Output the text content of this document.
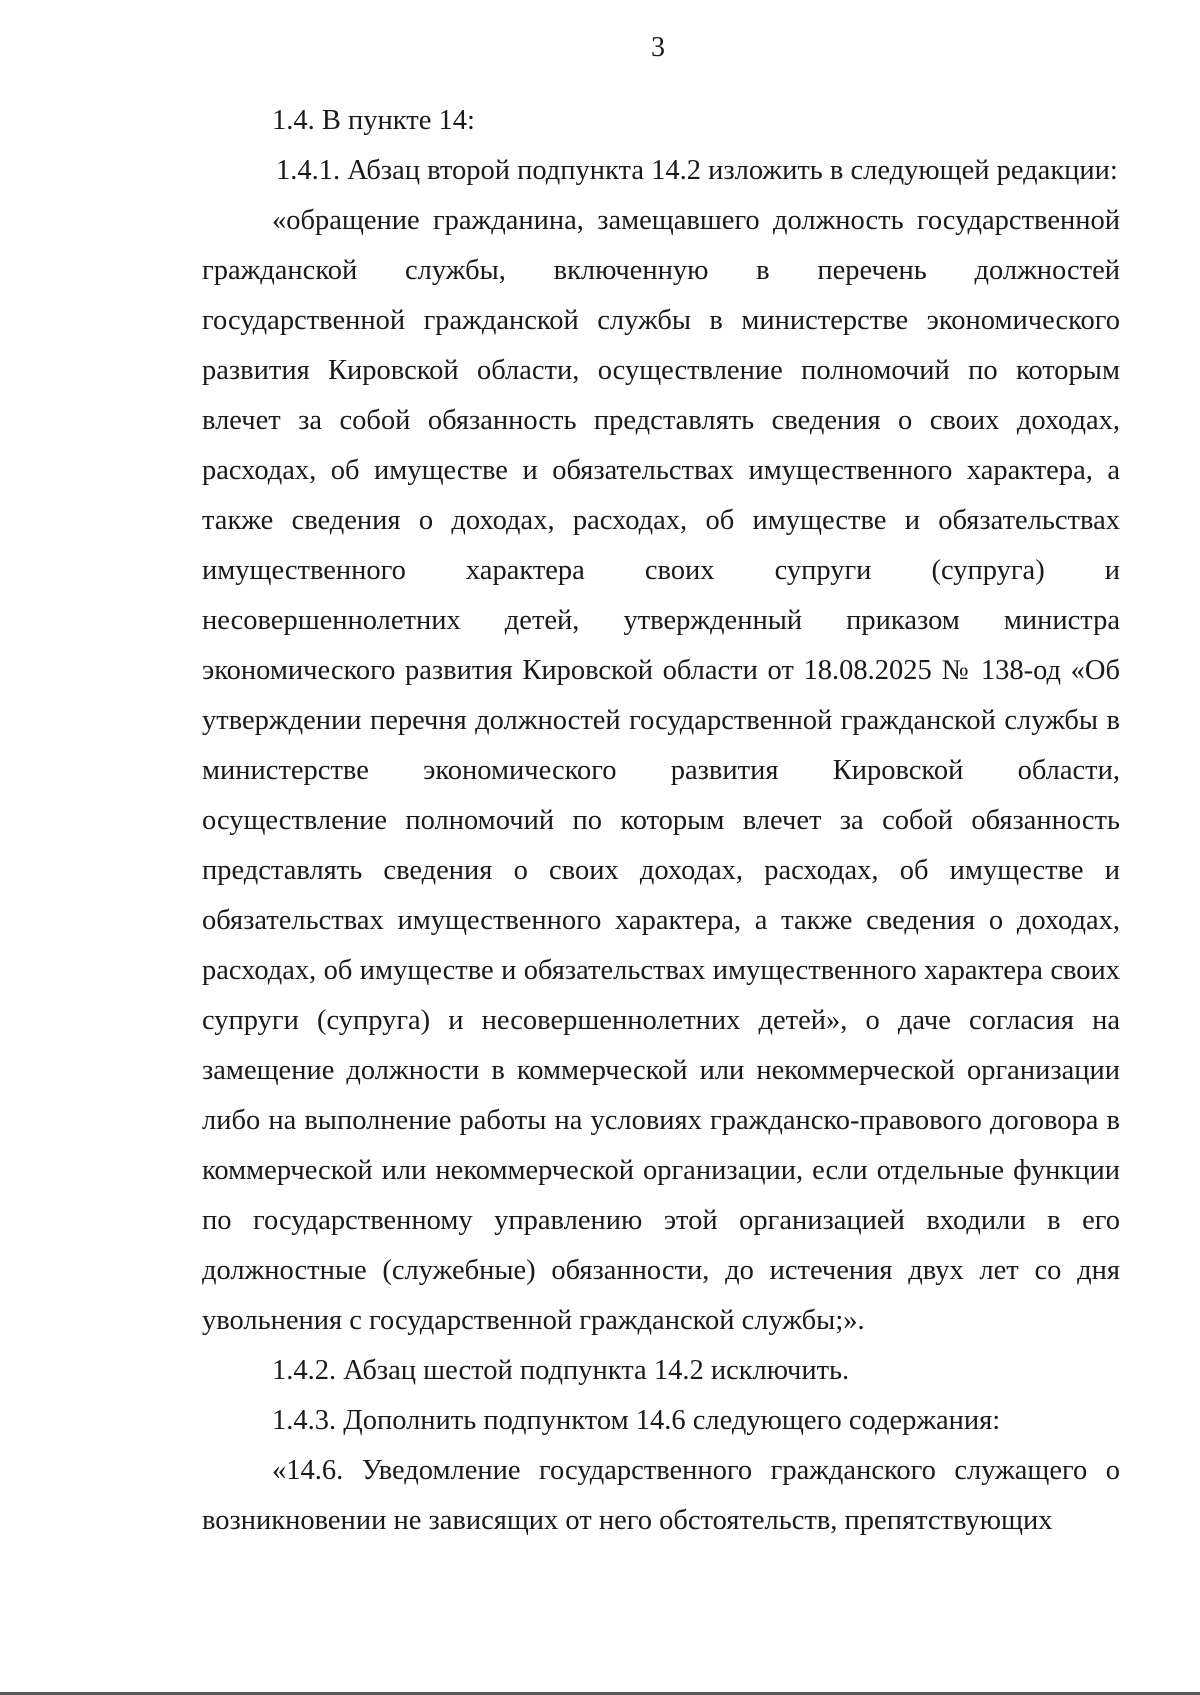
3

1.4. В пункте 14:

1.4.1. Абзац второй подпункта 14.2 изложить в следующей редакции:

«обращение гражданина, замещавшего должность государственной гражданской службы, включенную в перечень должностей государственной гражданской службы в министерстве экономического развития Кировской области, осуществление полномочий по которым влечет за собой обязанность представлять сведения о своих доходах, расходах, об имуществе и обязательствах имущественного характера, а также сведения о доходах, расходах, об имуществе и обязательствах имущественного характера своих супруги (супруга) и несовершеннолетних детей, утвержденный приказом министра экономического развития Кировской области от 18.08.2025 № 138-од «Об утверждении перечня должностей государственной гражданской службы в министерстве экономического развития Кировской области, осуществление полномочий по которым влечет за собой обязанность представлять сведения о своих доходах, расходах, об имуществе и обязательствах имущественного характера, а также сведения о доходах, расходах, об имуществе и обязательствах имущественного характера своих супруги (супруга) и несовершеннолетних детей», о даче согласия на замещение должности в коммерческой или некоммерческой организации либо на выполнение работы на условиях гражданско-правового договора в коммерческой или некоммерческой организации, если отдельные функции по государственному управлению этой организацией входили в его должностные (служебные) обязанности, до истечения двух лет со дня увольнения с государственной гражданской службы;».

1.4.2. Абзац шестой подпункта 14.2 исключить.

1.4.3. Дополнить подпунктом 14.6 следующего содержания:

«14.6. Уведомление государственного гражданского служащего о возникновении не зависящих от него обстоятельств, препятствующих
